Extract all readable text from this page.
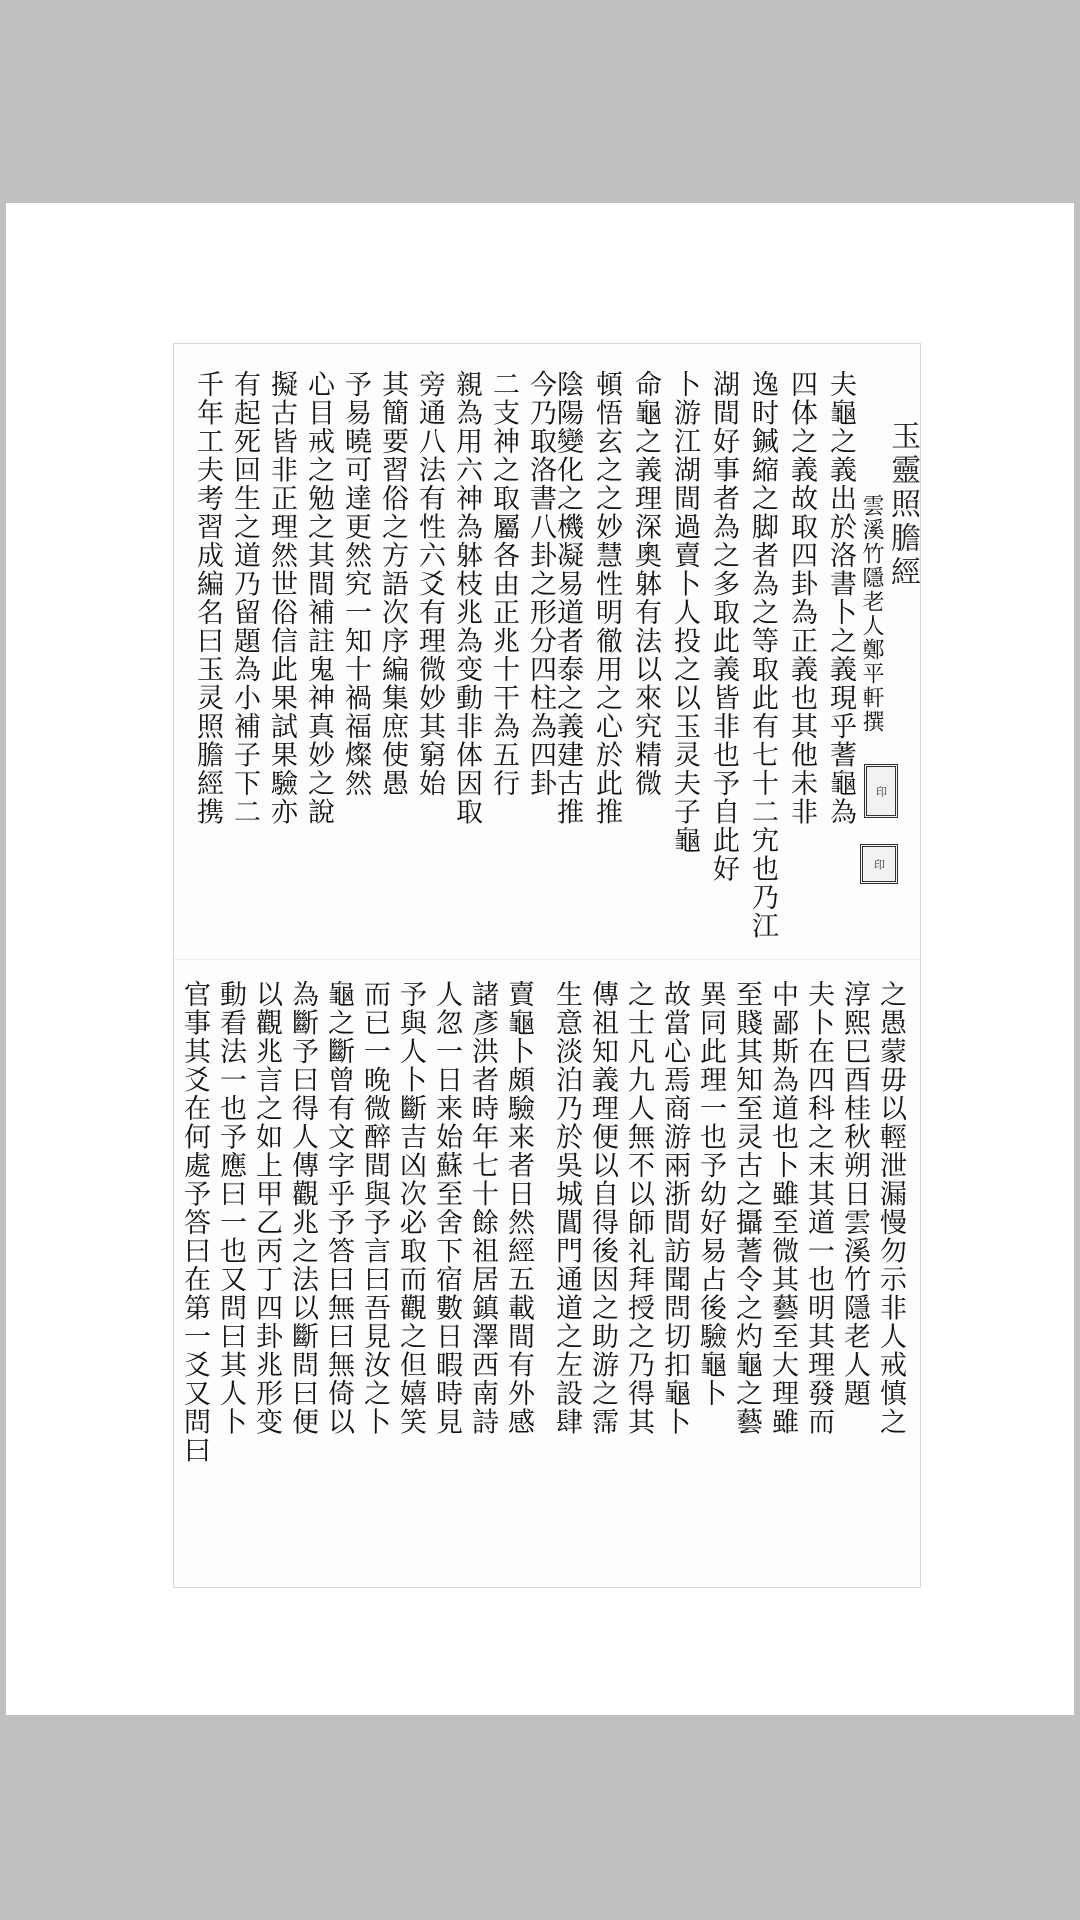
夫龜之義出於洛書卜之義現乎蓍龜為
四体之義故取四卦為正義也其他未非
逸时鍼縮之脚者為之等取此有七十二宄也乃江
湖間好事者為之多取此義皆非也予自此好
卜游江湖間過賣卜人投之以玉灵夫子龜
命龜之義理深奧躰有法以來究精微
頓悟玄之之妙慧性明徹用之心於此推
陰陽變化之機凝易道者泰之義建古推	玉靈照膽經
雲溪竹隱老人鄭平軒撰
印
印
今乃取洛書八卦之形分四柱為四卦
二支神之取屬各由正兆十干為五行
親為用六神為躰枝兆為变動非体因取
旁通八法有性六爻有理微妙其窮始
其簡要習俗之方語次序編集庶使愚
予易曉可達更然究一知十禍福燦然
心目戒之勉之其間補註鬼神真妙之說
擬古皆非正理然世俗信此果試果驗亦
有起死回生之道乃留題為小補子下二
千年工夫考習成編名曰玉灵照膽經携
之愚蒙毋以輕泄漏慢勿示非人戒慎之
淳熙巳酉桂秋朔日雲溪竹隱老人題
夫卜在四科之末其道一也明其理發而
中鄙斯為道也卜雖至微其藝至大理雖
至賤其知至灵古之攝蓍令之灼龜之藝
異同此理一也予幼好易占後驗龜卜
故當心焉商游兩浙間訪聞問切扣龜卜
之士凡九人無不以師礼拜授之乃得其
傳祖知義理便以自得後因之助游之霈
生意淡泊乃於吳城閶門通道之左設肆
賣龜卜頗驗来者日然經五載間有外感
諸彥洪者時年七十餘祖居鎮澤西南詩
人忽一日来始蘇至舍下宿數日暇時見
予與人卜斷吉凶次必取而觀之但嬉笑
而已一晚微醉間與予言曰吾見汝之卜
龜之斷曾有文字乎予答曰無曰無倚以
為斷予曰得人傳觀兆之法以斷問曰便
以觀兆言之如上甲乙丙丁四卦兆形变
動看法一也予應曰一也又問曰其人卜
官事其爻在何處予答曰在第一爻又問曰
